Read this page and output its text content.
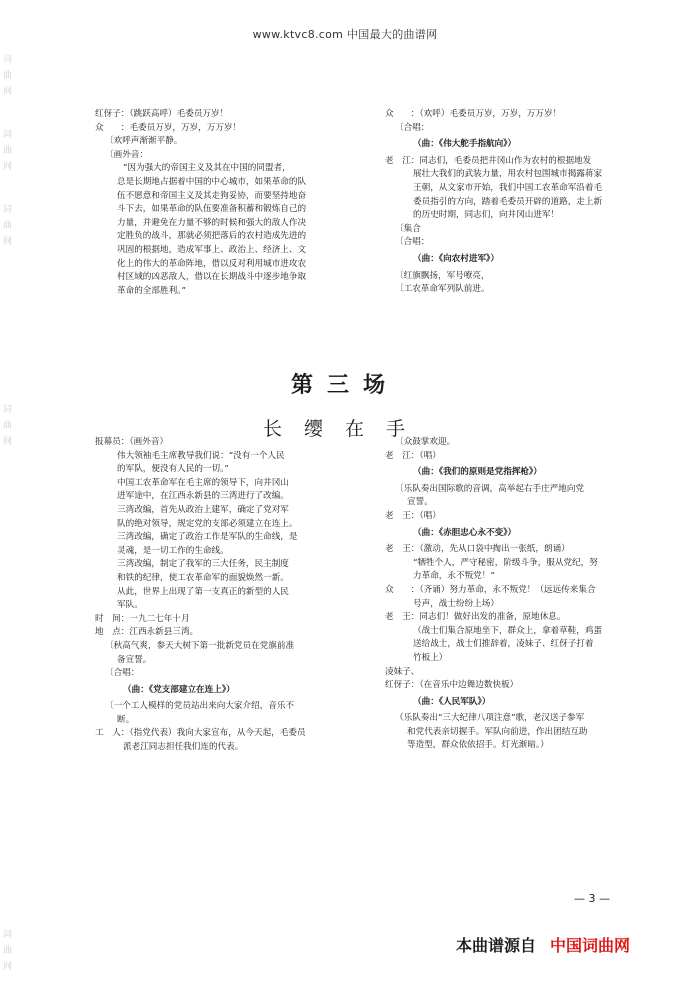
www.ktvc8.com 中国最大的曲谱网
词
曲
网
词
曲
网
词
曲
网
词
曲
网
词
曲
网

红伢子：（跳跃高呼）毛委员万岁！

众　　：毛委员万岁，万岁，万万岁！

〔欢呼声渐渐平静。

〔画外音：

“因为强大的帝国主义及其在中国的同盟者，

总是长期地占据着中国的中心城市，如果革命的队

伍不愿意和帝国主义及其走狗妥协，而要坚持地奋

斗下去，如果革命的队伍要准备积蓄和锻炼自己的

力量，并避免在力量不够的时候和强大的敌人作决

定胜负的战斗，那就必须把落后的农村造成先进的

巩固的根据地，造成军事上、政治上、经济上、文

化上的伟大的革命阵地，借以反对利用城市进攻农

村区域的凶恶敌人，借以在长期战斗中逐步地争取

革命的全部胜利。”

众　　：（欢呼）毛委员万岁，万岁，万万岁！

〔合唱：

（曲：《伟大舵手指航向》）

老　江：同志们，毛委员把井冈山作为农村的根据地发

展壮大我们的武装力量，用农村包围城市揭露蒋家

王朝，从文家市开始，我们中国工农革命军沿着毛

委员指引的方向，踏着毛委员开辟的道路，走上新

的历史时期，同志们，向井冈山进军！

〔集合

〔合唱：

（曲：《向农村进军》）

〔红旗飘扬，军号嘹亮，

〔工农革命军列队前进。

第三场
长缨在手

报幕员：（画外音）

伟大领袖毛主席教导我们说：“没有一个人民

的军队，便没有人民的一切。”

中国工农革命军在毛主席的领导下，向井冈山

进军途中，在江西永新县的三湾进行了改编。

三湾改编，首先从政治上建军，确定了党对军

队的绝对领导，规定党的支部必须建立在连上。

三湾改编，确定了政治工作是军队的生命线，是

灵魂，是一切工作的生命线。

三湾改编，制定了我军的三大任务，民主制度

和铁的纪律，使工农革命军的面貌焕然一新。

从此，世界上出现了第一支真正的新型的人民

军队。

时　间：一九二七年十月

地　点：江西永新县三湾。

〔秋高气爽，参天大树下第一批新党员在党旗前准

备宣誓。

〔合唱：

（曲：《党支部建立在连上》）

〔一个工人模样的党员站出来向大家介绍，音乐不

断。

工　人：（指党代表）我向大家宣布，从今天起，毛委员

派老江同志担任我们连的代表。

〔众鼓掌欢迎。

老　江：（唱）

（曲：《我们的原则是党指挥枪》）

〔乐队奏出国际歌的音调，高举起右手庄严地向党

宣誓。

老　王：（唱）

（曲：《赤胆忠心永不变》）

老　王：（激动，先从口袋中掏出一张纸，朗诵）

“牺牲个人，严守秘密，阶级斗争，服从党纪，努

力革命，永不叛党！”

众　　：（齐诵）努力革命，永不叛党！（远远传来集合

号声，战士纷纷上场）

老　王：同志们！做好出发的准备，原地休息。

（战士们集合原地坐下，群众上，拿着草鞋，鸡蛋

送给战士，战士们推辞着，凌妹子、红伢子打着

竹板上）

凌妹子、

红伢子：（在音乐中边舞边数快板）

（曲：《人民军队》）

（乐队奏出“三大纪律八项注意”歌，老汉送子参军

和党代表亲切握手。军队向前进，作出团结互助

等造型，群众依依招手。灯光渐暗。）

— 3 —
本曲谱源自 中国词曲网
